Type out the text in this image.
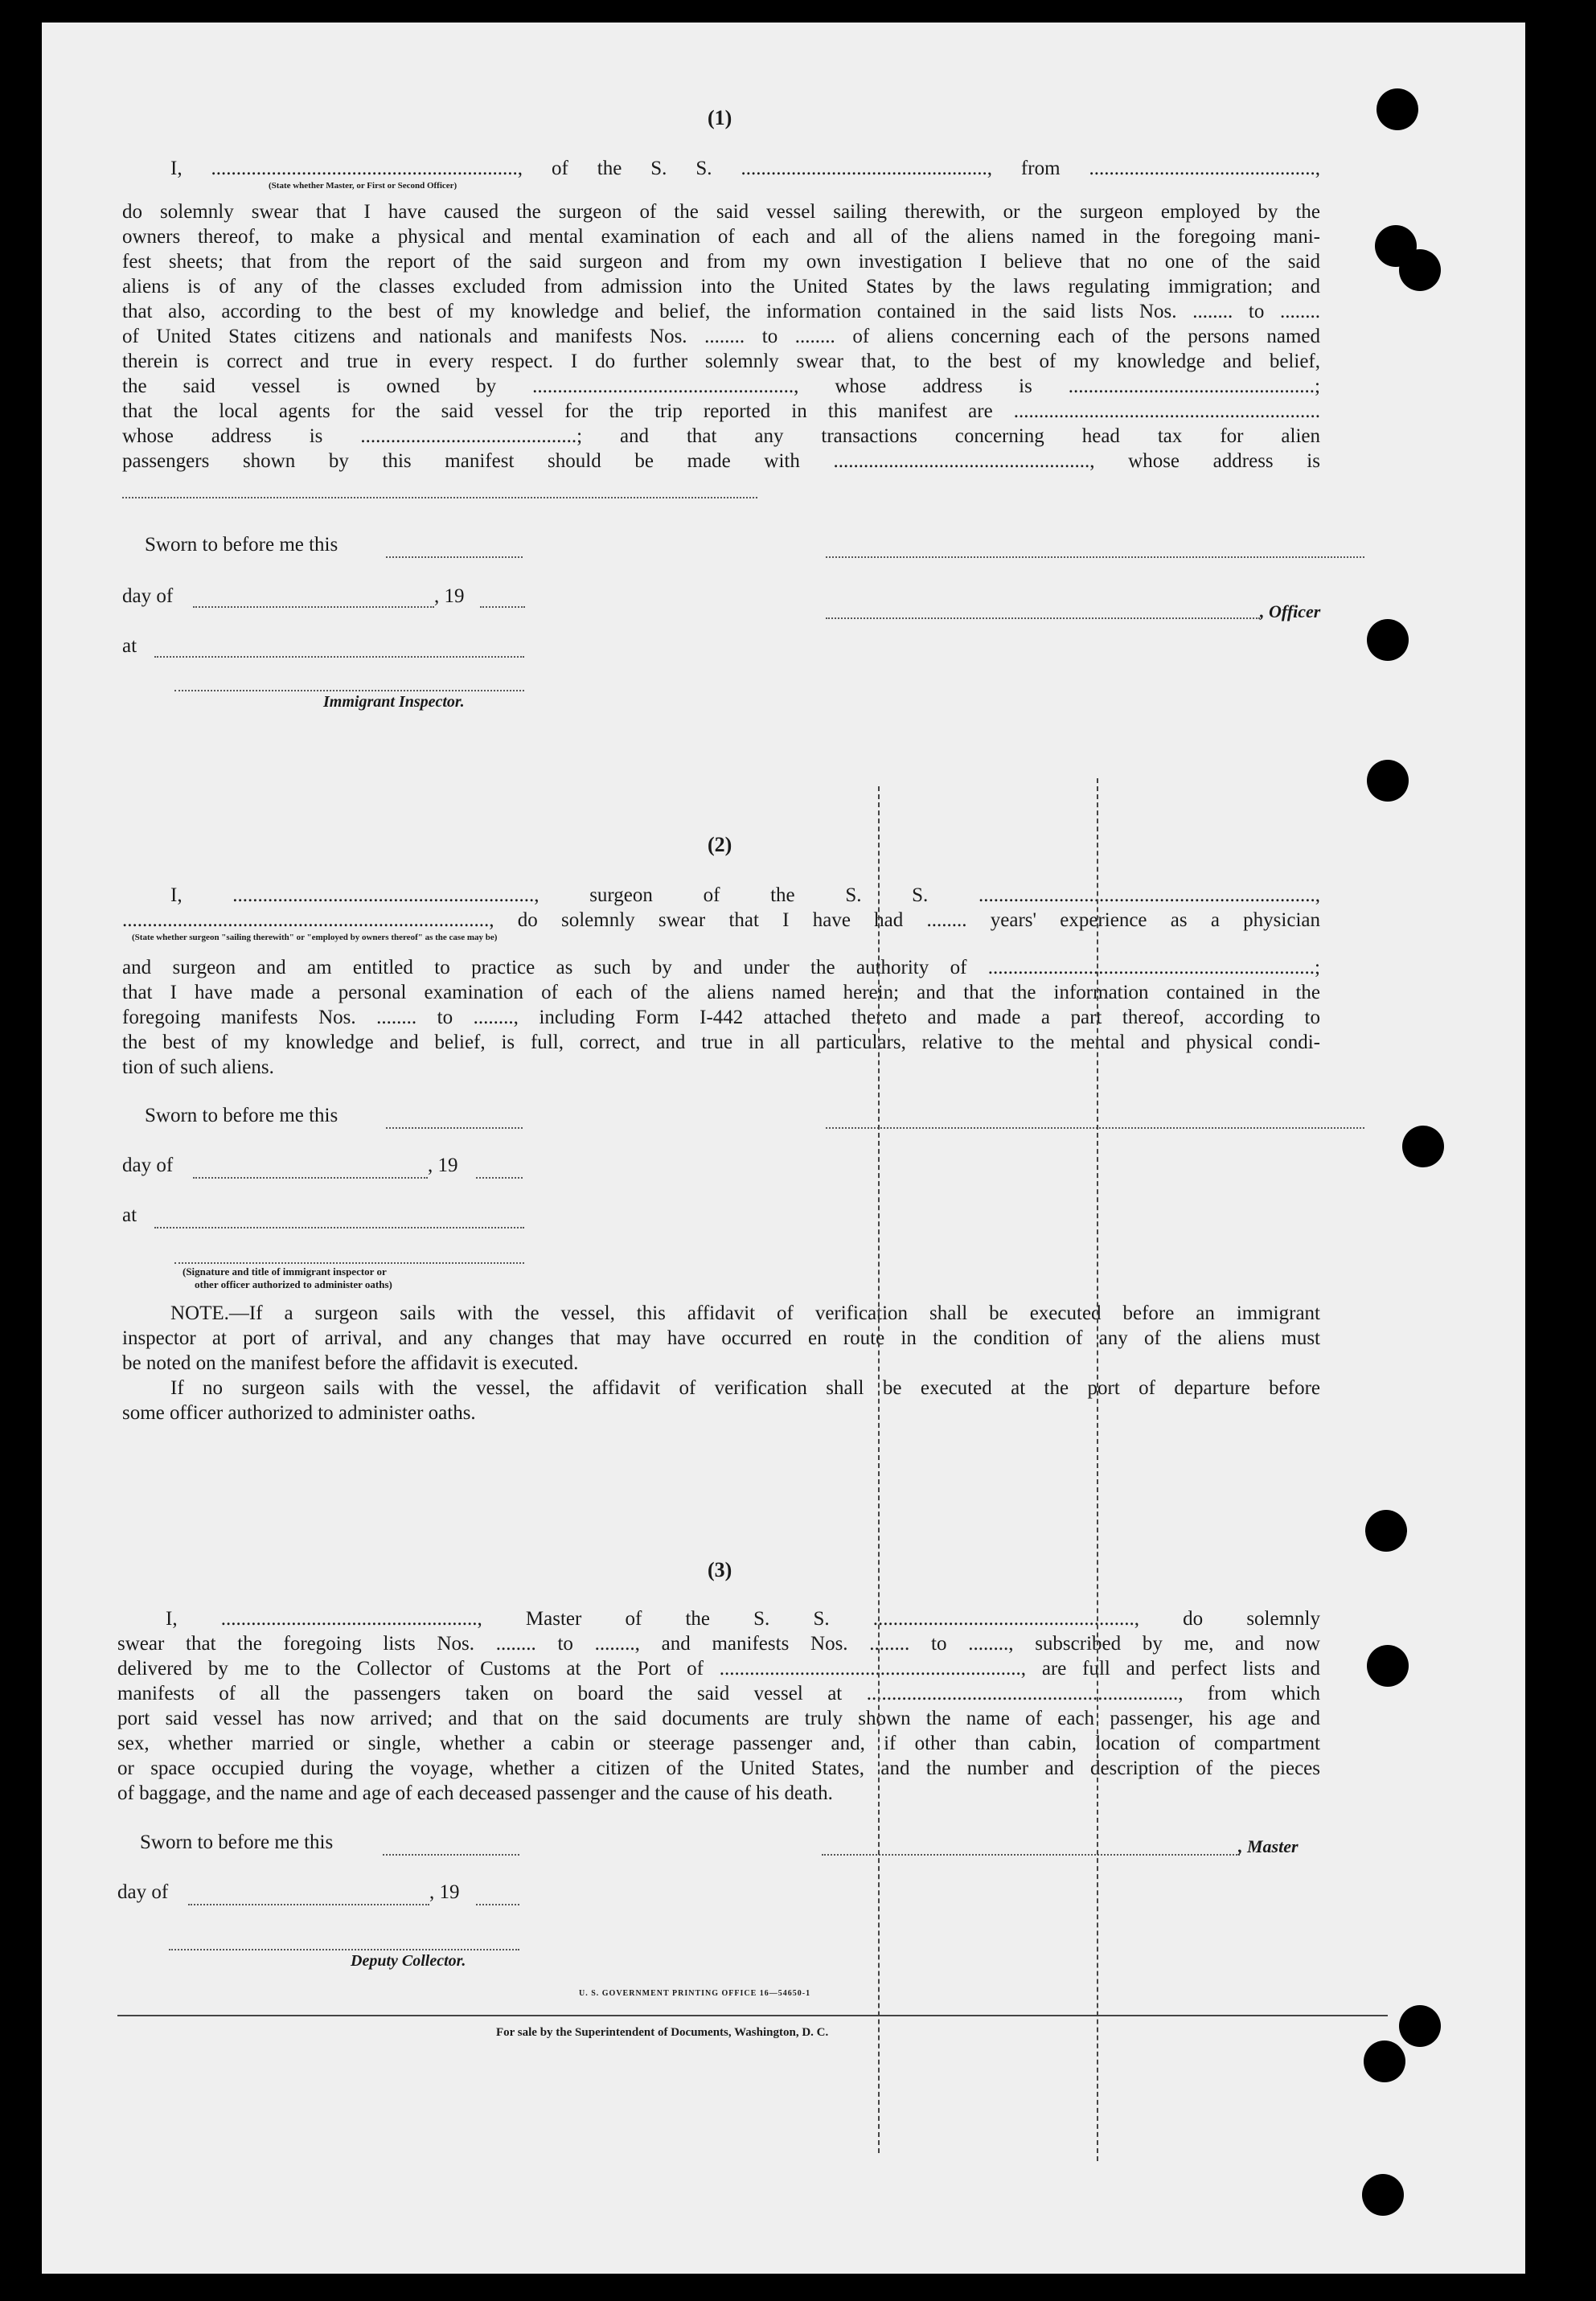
(1)
I, ............................................................., of the S. S. ................................................., from .............................................,
(State whether Master, or First or Second Officer)
do solemnly swear that I have caused the surgeon of the said vessel sailing therewith, or the surgeon employed by the
owners thereof, to make a physical and mental examination of each and all of the aliens named in the foregoing mani-
fest sheets; that from the report of the said surgeon and from my own investigation I believe that no one of the said
aliens is of any of the classes excluded from admission into the United States by the laws regulating immigration; and
that also, according to the best of my knowledge and belief, the information contained in the said lists Nos. ........ to ........
of United States citizens and nationals and manifests Nos. ........ to ........ of aliens concerning each of the persons named
therein is correct and true in every respect. I do further solemnly swear that, to the best of my knowledge and belief,
the said vessel is owned by ...................................................., whose address is .................................................;
that the local agents for the said vessel for the trip reported in this manifest are .............................................................
whose address is ...........................................; and that any transactions concerning head tax for alien
passengers shown by this manifest should be made with ..................................................., whose address is
Sworn to before me this
day of	, 19
, Officer
at
Immigrant Inspector.
(2)
I, ............................................................, surgeon of the S. S. ...................................................................,
........................................................................., do solemnly swear that I have had ........ years' experience as a physician
(State whether surgeon "sailing therewith" or "employed by owners thereof" as the case may be)
and surgeon and am entitled to practice as such by and under the authority of .................................................................;
that I have made a personal examination of each of the aliens named herein; and that the information contained in the
foregoing manifests Nos. ........ to ........, including Form I-442 attached thereto and made a part thereof, according to
the best of my knowledge and belief, is full, correct, and true in all particulars, relative to the mental and physical condi-
tion of such aliens.
Sworn to before me this
day of	, 19
at
(Signature and title of immigrant inspector or
other officer authorized to administer oaths)
NOTE.—If a surgeon sails with the vessel, this affidavit of verification shall be executed before an immigrant
inspector at port of arrival, and any changes that may have occurred en route in the condition of any of the aliens must
be noted on the manifest before the affidavit is executed.
If no surgeon sails with the vessel, the affidavit of verification shall be executed at the port of departure before
some officer authorized to administer oaths.
(3)
I, ..................................................., Master of the S. S. ...................................................., do solemnly
swear that the foregoing lists Nos. ........ to ........, and manifests Nos. ........ to ........, subscribed by me, and now
delivered by me to the Collector of Customs at the Port of ............................................................, are full and perfect lists and
manifests of all the passengers taken on board the said vessel at .............................................................., from which
port said vessel has now arrived; and that on the said documents are truly shown the name of each passenger, his age and
sex, whether married or single, whether a cabin or steerage passenger and, if other than cabin, location of compartment
or space occupied during the voyage, whether a citizen of the United States, and the number and description of the pieces
of baggage, and the name and age of each deceased passenger and the cause of his death.
Sworn to before me this	, Master
day of	, 19
Deputy Collector.
U. S. GOVERNMENT PRINTING OFFICE 16—54650-1
For sale by the Superintendent of Documents, Washington, D. C.
